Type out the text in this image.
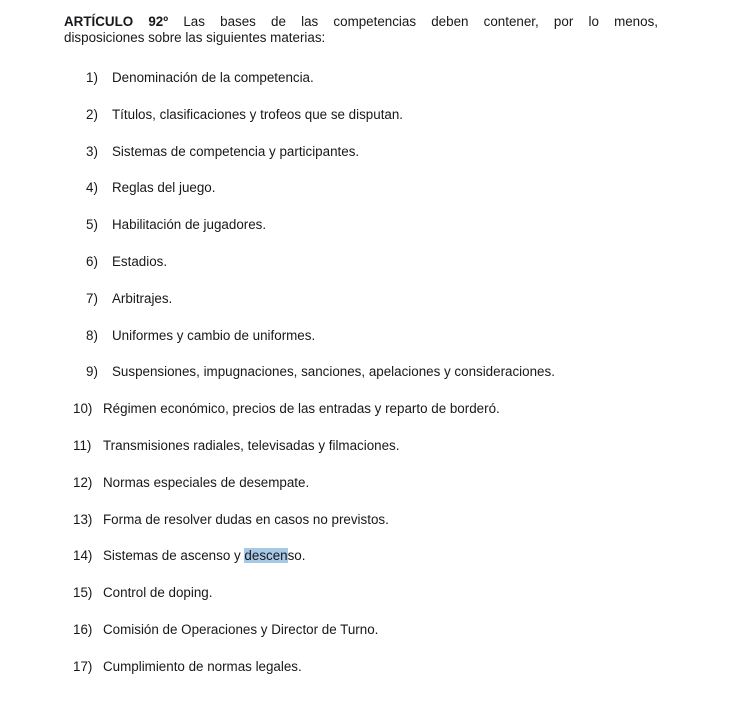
ARTÍCULO 92º Las bases de las competencias deben contener, por lo menos,
disposiciones sobre las siguientes materias:
1)	Denominación de la competencia.
2)	Títulos, clasificaciones y trofeos que se disputan.
3)	Sistemas de competencia y participantes.
4)	Reglas del juego.
5)	Habilitación de jugadores.
6)	Estadios.
7)	Arbitrajes.
8)	Uniformes y cambio de uniformes.
9)	Suspensiones, impugnaciones, sanciones, apelaciones y consideraciones.
10) Régimen económico, precios de las entradas y reparto de borderó.
11) Transmisiones radiales, televisadas y filmaciones.
12) Normas especiales de desempate.
13) Forma de resolver dudas en casos no previstos.
14) Sistemas de ascenso y descenso.
15) Control de doping.
16) Comisión de Operaciones y Director de Turno.
17) Cumplimiento de normas legales.
